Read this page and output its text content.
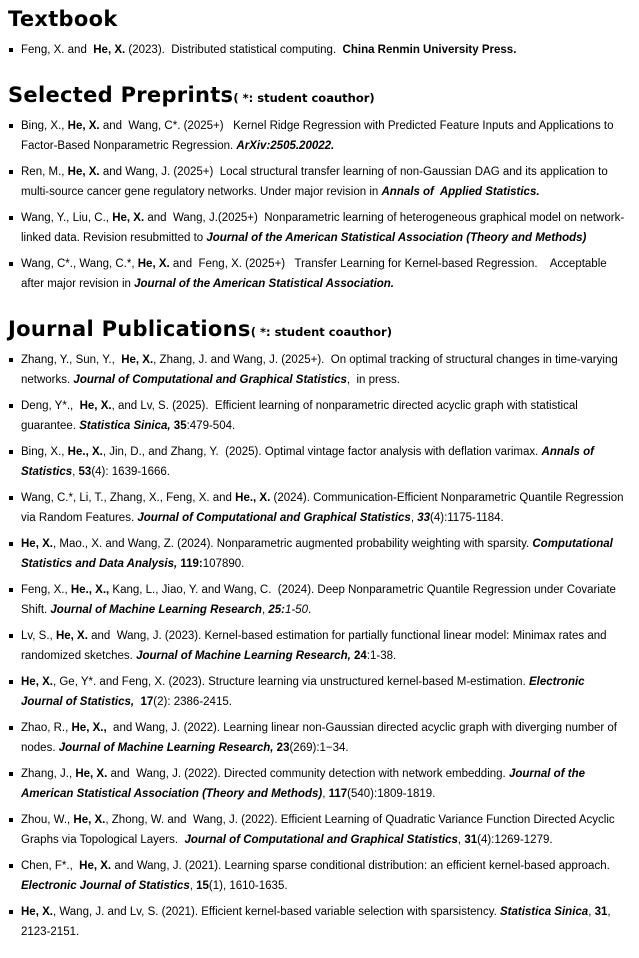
Textbook
Feng, X. and  He, X. (2023).  Distributed statistical computing.  China Renmin University Press.
Selected Preprints( *: student coauthor)
Bing, X., He, X. and  Wang, C*. (2025+)   Kernel Ridge Regression with Predicted Feature Inputs and Applications to Factor-Based Nonparametric Regression. ArXiv:2505.20022.
Ren, M., He, X. and Wang, J. (2025+)  Local structural transfer learning of non-Gaussian DAG and its application to multi-source cancer gene regulatory networks. Under major revision in Annals of  Applied Statistics.
Wang, Y., Liu, C., He, X. and  Wang, J.(2025+)  Nonparametric learning of heterogeneous graphical model on network-linked data. Revision resubmitted to Journal of the American Statistical Association (Theory and Methods)
Wang, C*., Wang, C.*, He, X. and  Feng, X. (2025+)   Transfer Learning for Kernel-based Regression.    Acceptable after major revision in Journal of the American Statistical Association.
Journal Publications( *: student coauthor)
Zhang, Y., Sun, Y.,  He, X., Zhang, J. and Wang, J. (2025+).  On optimal tracking of structural changes in time-varying networks. Journal of Computational and Graphical Statistics,  in press.
Deng, Y*.,  He, X., and Lv, S. (2025).  Efficient learning of nonparametric directed acyclic graph with statistical guarantee. Statistica Sinica, 35:479-504.
Bing, X., He., X., Jin, D., and Zhang, Y.  (2025). Optimal vintage factor analysis with deflation varimax. Annals of Statistics, 53(4): 1639-1666.
Wang, C.*, Li, T., Zhang, X., Feng, X. and He., X. (2024). Communication-Efficient Nonparametric Quantile Regression via Random Features. Journal of Computational and Graphical Statistics, 33(4):1175-1184.
He, X., Mao., X. and Wang, Z. (2024). Nonparametric augmented probability weighting with sparsity. Computational Statistics and Data Analysis, 119:107890.
Feng, X., He., X., Kang, L., Jiao, Y. and Wang, C.  (2024). Deep Nonparametric Quantile Regression under Covariate Shift. Journal of Machine Learning Research, 25:1-50.
Lv, S., He, X. and  Wang, J. (2023). Kernel-based estimation for partially functional linear model: Minimax rates and randomized sketches. Journal of Machine Learning Research, 24:1-38.
He, X., Ge, Y*. and Feng, X. (2023). Structure learning via unstructured kernel-based M-estimation. Electronic Journal of Statistics, 17(2): 2386-2415.
Zhao, R., He, X.,  and Wang, J. (2022). Learning linear non-Gaussian directed acyclic graph with diverging number of nodes. Journal of Machine Learning Research, 23(269):1−34.
Zhang, J., He, X. and  Wang, J. (2022). Directed community detection with network embedding. Journal of the American Statistical Association (Theory and Methods), 117(540):1809-1819.
Zhou, W., He, X., Zhong, W. and  Wang, J. (2022). Efficient Learning of Quadratic Variance Function Directed Acyclic Graphs via Topological Layers.  Journal of Computational and Graphical Statistics, 31(4):1269-1279.
Chen, F*.,  He, X. and Wang, J. (2021). Learning sparse conditional distribution: an efficient kernel-based approach. Electronic Journal of Statistics, 15(1), 1610-1635.
He, X., Wang, J. and Lv, S. (2021). Efficient kernel-based variable selection with sparsistency. Statistica Sinica, 31, 2123-2151.
